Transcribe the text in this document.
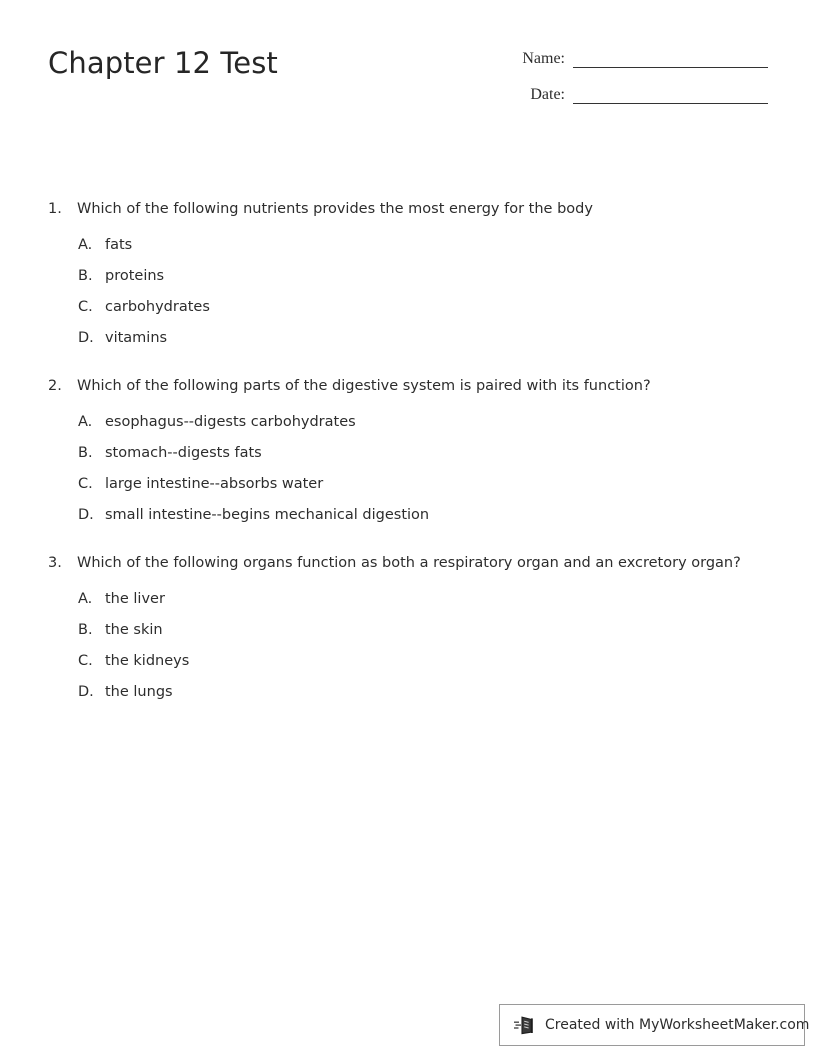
Chapter 12 Test	Name:
Date:
1.	Which of the following nutrients provides the most energy for the body
A. fats
B. proteins
C. carbohydrates
D. vitamins
2.	Which of the following parts of the digestive system is paired with its function?
A. esophagus--digests carbohydrates
B. stomach--digests fats
C. large intestine--absorbs water
D. small intestine--begins mechanical digestion
3.	Which of the following organs function as both a respiratory organ and an excretory organ?
A. the liver
B. the skin
C. the kidneys
D. the lungs
Created with MyWorksheetMaker.com
